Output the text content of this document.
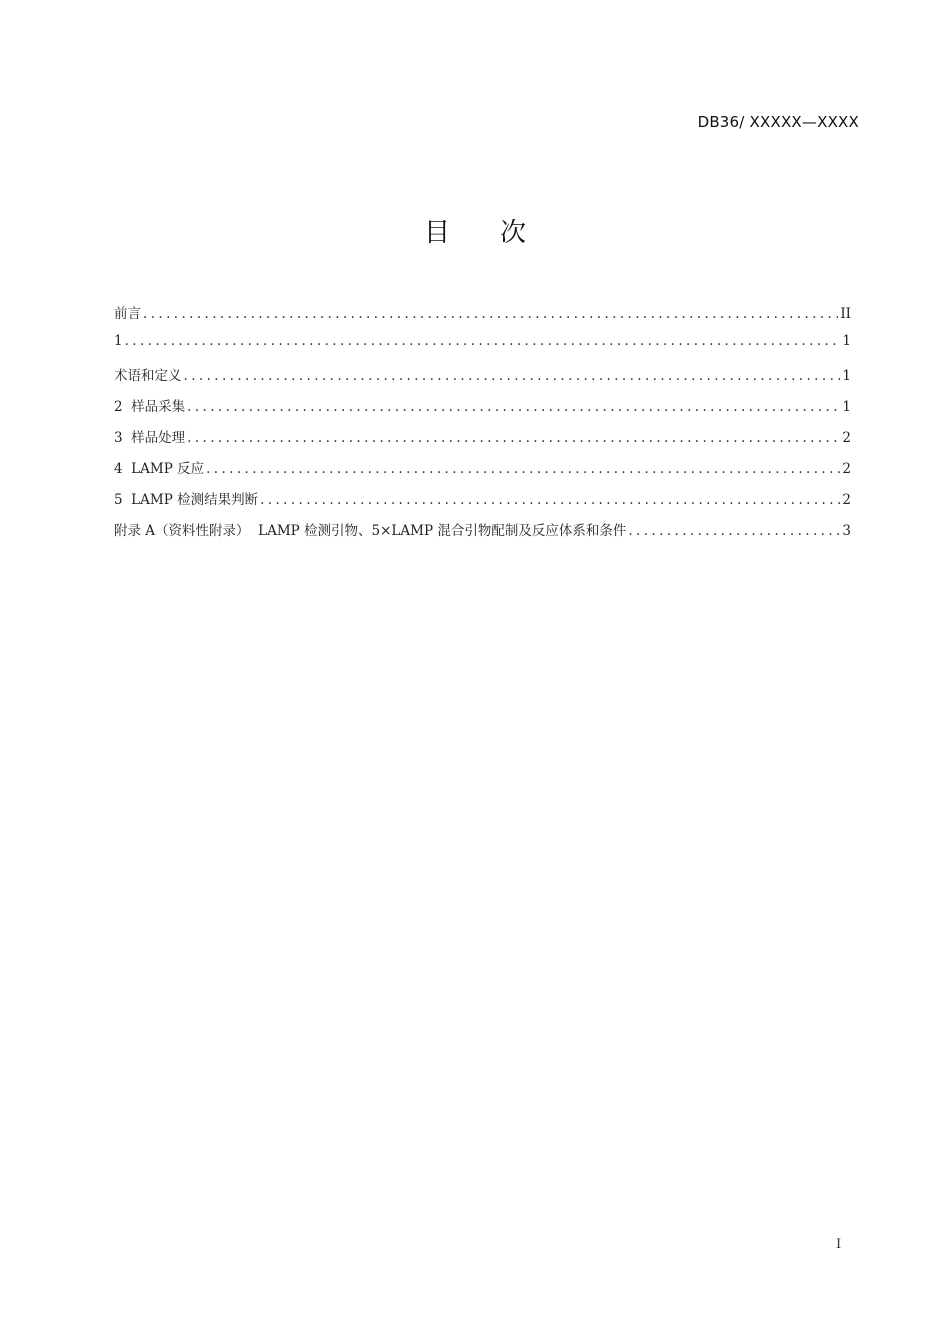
DB36/ XXXXX—XXXX
目 次
前言 .....	II
1 .....	1
术语和定义 .....	1
2  样品采集 .....	1
3  样品处理 .....	2
4  LAMP 反应 .....	2
5  LAMP 检测结果判断 .....	2
附录 A（资料性附录）  LAMP 检测引物、5×LAMP 混合引物配制及反应体系和条件 .....	3
I
